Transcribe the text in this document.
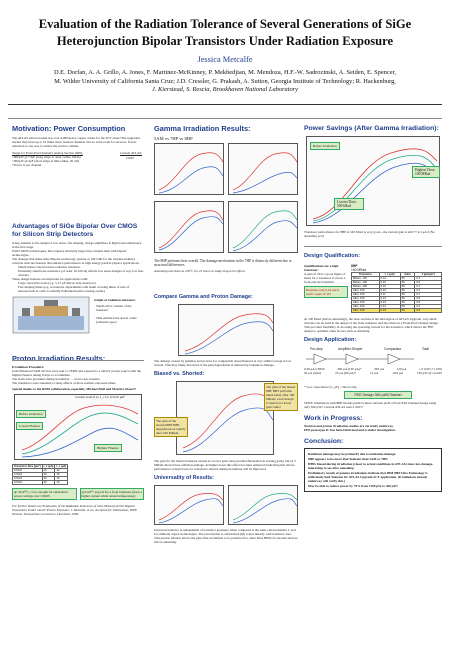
Evaluation of the Radiation Tolerance of Several Generations of SiGe Heterojunction Bipolar Transistors Under Radiation Exposure
Jessica Metcalfe
D.E. Dorfan, A. A. Grillo, A. Jones, F. Martinez-McKinney, P. Mekhedjian, M. Mendoza, H.F.-W. Sadrozinski, A. Seiden, E. Spencer,
M. Wilder University of California Santa Cruz; J.D. Cressler, G. Prakash, A. Sutton, Georgia Institute of Technology; R. Hackenburg,
J. Kierstead, S. Rescia, Brookhaven National Laboratory
Motivation: Power Consumption
The ATLAS silicon tracker has over 4,000 heavy copper cables for the SCT alone! The upgraded tracker may have up to 10 times more readout channels, but no extra room for services. Power reduction is one way to reduce the service volume.
Target for Front-End Channel's Analog Section (600):
<600μW @ 75pF (long strips at outer radius, 60cm)
<300μW @ 4pF (short strips at mid-radius, 20 cm)
*Power is per channel
Current ATLAS:
2 mW
Advantages of SiGe Bipolar Over CMOS for Silicon Strip Detectors
A key element to the design of low noise, fast shaping, charge amplifiers is high transconductance in the first stage.
With CMOS technologies, this requires relatively larger bias currents than with bipolar technologies.
The changes that make SiGe Bipolar technology operate at 100 GHz for the wireless industry coincide with the features that enhance performance in high energy particle physics applications.
Small feature size increases radiation tolerance.
Extremely small base resistance (of order 10-100 Ω) affords low noise designs at very low bias currents.
These design features are important for applications with:
Large capacitive loads (e.g. 5-15 pF silicon strip detectors)
Fast shaping times (e.g. accelerator experiments with beam crossing times of tens of nanoseconds in order to identify individual beam crossing events)
Origin of radiation tolerance:
Small active volume of the transistor
Thin emitter-base spacer oxide (radiation spec)
Proton Irradiation Results:
Irradiation Procedure:
Gain-Enhanced 5AM devices were sent to CERN and exposed to a 24GeV proton source with the highest fluence taking 9 days to accumulate.
The leads were grounded during irradiation → worst case scenario.
The transistors were annealed to study effects of more realistic exposure times.
Special thanks to the RD50 collaboration, especially, Michael Moll and Maurice Glaser!!
Current Gain β vs. I_c for 0.5x10 μm²
Before Irradiation
Lowest Fluence
Highest Fluence
Transistor Size (μm²)	I_c (μA)	I_c (μA)
0.5x10	10	22
0.5x10	20	15
0.5x10	30	12
0.5x10	40	10
@ 3x10¹⁴ I_c low enough for substantial power savings over CMOS
@1x10¹⁵: β good for a front transistor (have a higher current while anneal temperature)
For further details see Evaluation of the Radiation Tolerance of SiGe Heterojunction Bipolar Transistors Under 24GeV Proton Exposure, J. Metcalfe, et al., Accepted for Publication, IEEE Nuclear Transactions on Science, December 2006.
Gamma Irradiation Results:
5AM vs 7HP vs 8HP
The 8HP performs best overall. The damage mechanism in the 7HP is distinctly different due to structural differences.
Annealing was done at 100°C for 24 hours to study long-term effects.
Compare Gamma and Proton Damage:
The damage caused by gammas and protons for comparable doses/fluences is very similar except at low current. This may imply that most of the gain degradation is induced by ionization damage.
Biased vs. Shorted:
The gain of the shorted 8HP HBT degrades more rapidly after 100 MRads.
The gain of the biased 8HP HBT performs much better after 100 MRads, even though it started at a lower gain value!
The gain for the biased transistor started at a lower gain value (normal fluctuation in starting gain), but by 5 MRads showed less radiation damage. At higher doses this effect becomes enhanced indicating that device performance at high doses for transistors shorted during irradiation will be improved.
Universality of Results:
Universal behavior is independent of transistor geometry when compared at the same current density J, and for similarly doped technologies. The prescription to obtain final β(I) scales linearly with transistor area. This precise relation allows the gain after irradiation to be predicted for other SiGe HBTs for shorted devices before annealing.
Power Savings (After Gamma Irradiation):
Before Irradiation
Highest Dose, 100 MRad
Lowest Dose, 500 kRad
Transistor performance for 8HP at 100 Mrad is very good—the current gain is still 77 at 1μA/f (No annealing yet!)
Design Qualification:
Qualifications for a high transistor:
A gain of 50 is a good figure of merit for a transistor to run in a front-end environment.
Requires only 0.24 μA to reach a gain of 50!
8HP
100 MRad
Transistor	I_c (μA)	Gain	J (μA/μm²)
Before, 100	0.12	50	0.1
Before, 100	0.24	50	0.6
Before, 100	0.10	50	0.1
After, 100	0.24	50	0.2
After, 100	0.11	50	0.7
After, 100	0.24	50	0.9
After, 100	0.21	50	0.8
After, 100	0.14	50	0.4
After, 100	0.24	50	0.6
At 100 Mrad (before annealing!), the dose reached at the mid-region of ATLAS Upgrade, very small currents can be used in the design of the front transistor and the others in a Front-End Channel design. This provides flexibility in choosing the operating current for the transistor, which allows the FEE design to optimize other factors such as matching.
Design Application:
Pre-Amp	Amplifier-Shaper	Comparator	Total
0.26 μA CMOS	300 μA (120 μA)*	295 μA	120 μA	1.5 mW (+1 100)
50 μA (after)	25 μA (80 μA)*	12 μA	10.8 μA	130 μW @ 14 mW
* Low capacitance (C_pF) = Short strip
FEE Design 360 μW/Channel
SPICE simulations with 8HP models predicts these currents yield a Front-End Channel design using only 360 μW!! Current ATLAS uses 2 mW!!
Work in Progress:
Neutron and proton irradiation studies are currently underway.
FEE prototype IC has been fabricated and is under investigation.
Conclusion:
Radiation damage may be primarily due to ionization damage.
8HP appears to be more Rad Tolerant than 5AM or 7HP.
HBTs biased during irradiation (closer to actual conditions in ATLAS) show less damage- interesting to see after annealing.
Preliminary results of gamma irradiations indicate that IBM 8HP SiGe Technology is sufficiently Rad Tolerant for ATLAS Upgrade SCT application. (Irradiations already underway will verify this.)
May be able to reduce power by 75% from 1500 μW to 360 μW!
